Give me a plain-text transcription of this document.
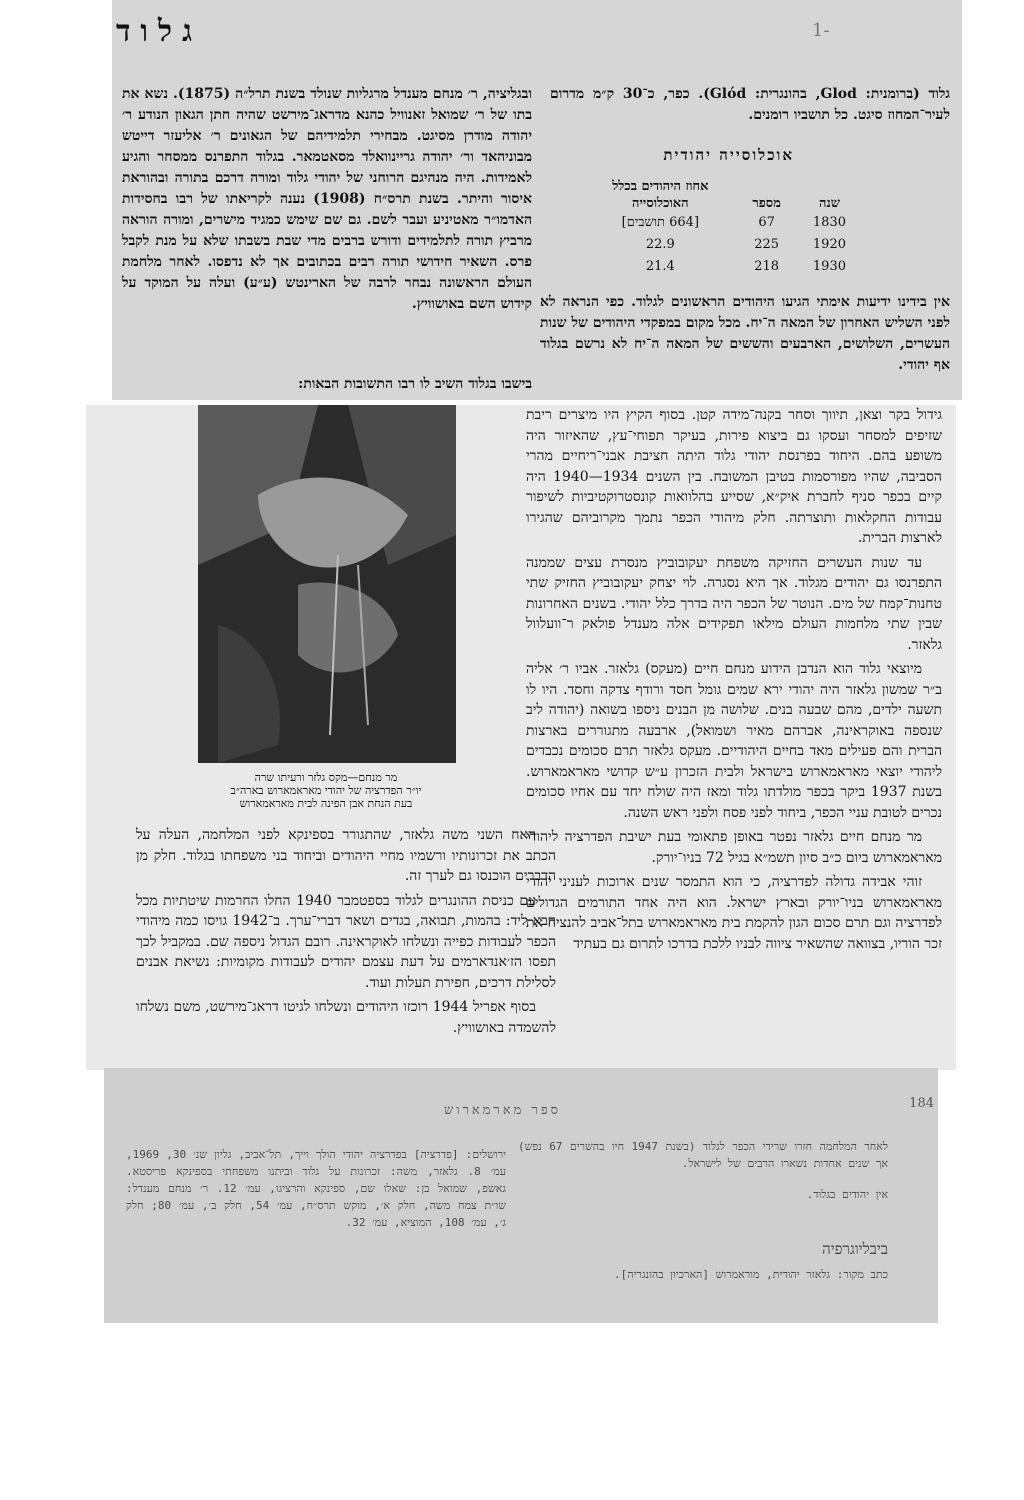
גלוד	1-
גלוד (ברומנית: Glod, בהונגרית: Glód). כפר, כ־30 ק״מ מדרום לעיר־המחוז סיגט. כל תושביו רומנים.
אוכלוסייה יהודית
שנה	מספר	אחוז היהודים בכלל האוכלוסייה
1830	67	[664 תושבים]
1920	225	22.9
1930	218	21.4
אין בידינו ידיעות אימתי הגיעו היהודים הראשונים לגלוד. כפי הנראה לא לפני השליש האחרון של המאה ה־יח. מכל מקום במפקדי היהודים של שנות העשרים, השלושים, הארבעים והששים של המאה ה־יח לא נרשם בגלוד אף יהודי.
ובגליציה, ר׳ מנחם מענדל מרגליות שנולד בשנת תרל״ה (1875). נשא את בתו של ר׳ שמואל זאנוויל כהנא מדראג־מירשט שהיה חתן הגאון הנודע ר׳ יהודה מודרן מסיגט. מבחירי תלמידיהם של הגאונים ר׳ אליעזר דייטש מבוניהאד ור׳ יהודה גריינוואלד מסאטמאר. בגלוד התפרנס ממסחר והגיע לאמידות. היה מנהיגם הרוחני של יהודי גלוד ומורה דרכם בתורה ובהוראת איסור והיתר. בשנת תרס״ח (1908) נענה לקריאתו של רבו בחסידות האדמו״ר מאטיניע ועבר לשם. גם שם שימש כמגיד מישרים, ומורה הוראה מרביץ תורה לתלמידים ודורש ברבים מדי שבת בשבתו שלא על מנת לקבל פרס. השאיר חידושי תורה רבים בכתובים אך לא נדפסו. לאחר מלחמת העולם הראשונה נבחר לרבה של הארינטש (ע״ע) ועלה על המוקד על קידוש השם באושוויץ.
בישבו בגלוד השיב לו רבו התשובות הבאות:
מר מנחם—מקס גלזר ורעיתו שרה
יו״ר הפדרציה של יהודי מאראמארוש בארה״ב
בעת הנחת אבן הפינה לבית מאראמארוש

גידול בקר וצאן, תיווך וסחר בקנה־מידה קטן. בסוף הקיץ היו מיצרים ריבת שזיפים למסחר ועסקו גם ביצוא פירות, בעיקר תפוחי־עץ, שהאיזור היה משופע בהם. היחוד בפרנסת יהודי גלוד היתה חציבת אבני־ריחיים מהרי הסביבה, שהיו מפורסמות בטיבן המשובח. בין השנים 1934—1940 היה קיים בכפר סניף לחברת איק״א, שסייע בהלוואות קונסטרוקטיביות לשיפור עבודות החקלאות ותוצרתה. חלק מיהודי הכפר נתמך מקרוביהם שהגירו לארצות הברית.

עד שנות העשרים החזיקה משפחת יעקובוביץ מנסרת עצים שממנה התפרנסו גם יהודים מגלוד. אך היא נסגרה. לוי יצחק יעקובוביץ החזיק שתי טחנות־קמח של מים. הנוטר של הכפר היה בדרך כלל יהודי. בשנים האחרונות שבין שתי מלחמות העולם מילאו תפקידים אלה מענדל פולאק ר־וועלוול גלאזר.

מיוצאי גלוד הוא הנדבן הידוע מנחם חיים (מעקס) גלאזר. אביו ר׳ אליה ב״ר שמשון גלאזר היה יהודי ירא שמים גומל חסד ורודף צדקה וחסד. היו לו תשעה ילדים, מהם שבעה בנים. שלושה מן הבנים ניספו בשואה (יהודה ליב שנספה באוקראינה, אברהם מאיר ושמואל), ארבעה מתגוררים בארצות הברית והם פעילים מאד בחיים היהודיים. מעקס גלאזר תרם סכומים נכבדים ליהודי יוצאי מאראמארוש בישראל ולבית הזכרון ע״ש קדושי מאראמארוש. בשנת 1937 ביקר בכפר מולדתו גלוד ומאז היה שולח יחד עם אחיו סכומים נכרים לטובת עניי הכפר, ביחוד לפני פסח ולפני ראש השנה.

מר מנחם חיים גלאזר נפטר באופן פתאומי בעת ישיבת הפדרציה ליהודי מאראמארוש ביום כ״ב סיון תשמ״א בגיל 72 בניו־יורק.

זוהי אבידה גדולה לפדרציה, כי הוא התמסר שנים ארוכות לעניני יהודי מאראמארוש בניו־יורק ובארץ ישראל. הוא היה אחד התורמים הגדולים לפדרציה וגם תרם סכום הגון להקמת בית מאראמארוש בתל־אביב להנציח את זכר הוריו, בצוואה שהשאיר ציווה לבניו ללכת בדרכו לתרום גם בעתיד

האח השני משה גלאזר, שהתגורר בספינקא לפני המלחמה, העלה על הכתב את זכרונותיו ורשמיו מחיי היהודים וביחוד בני משפחתו בגלוד. חלק מן הדברים הוכנסו גם לערך זה.

עם כניסת ההונגרים לגלוד בספטמבר 1940 החלו החרמות שיטתיות מכל הבא ליד: בהמות, תבואה, בגדים ושאר דברי־ערך. ב־1942 גויסו כמה מיהודי הכפר לעבודות כפייה ונשלחו לאוקראינה. רובם הגדול ניספה שם. במקביל לכך תפסו הז׳אנדארמים על דעת עצמם יהודים לעבודות מקומיות: נשיאת אבנים לסלילת דרכים, חפירת תעלות ועוד.

בסוף אפריל 1944 רוכזו היהודים ונשלחו לגיטו דראג־מירשט, משם נשלחו להשמדה באושוויץ.

184
ספר מארמארוש
לאחר המלחמה חזרו שרידי הכפר לגלוד (בשנת 1947 חיו בהשרים 67 נפש) אך שנים אחדות נשארו הרבים של לישראל.
אין יהודים בגלוד.
ירושלים: [פדרציה] בפדרציה יהודי הולך וייך, תל־אביב, גליון שנ׳ 30, 1969, עמ׳ 8. גלאזר, משה: זכרונות על גלוד וביתנו משפחתי בספינקא פריסטא. גאשפ, שמואל בן: שאלו שם, ספינקא והרציגו, עמ׳ 12. ר׳ מנחם מענדל: שו״ת צמח משה, חלק א׳, מוקש תרס״ח, עמ׳ 54, חלק ב׳, עמ׳ 80; חלק ג׳, עמ׳ 108, המוציא, עמ׳ 32.
ביבליוגרפיה
כתב מקור: גלאזר יהודית, מוראמרוש [הארכיון בהונגריה].
